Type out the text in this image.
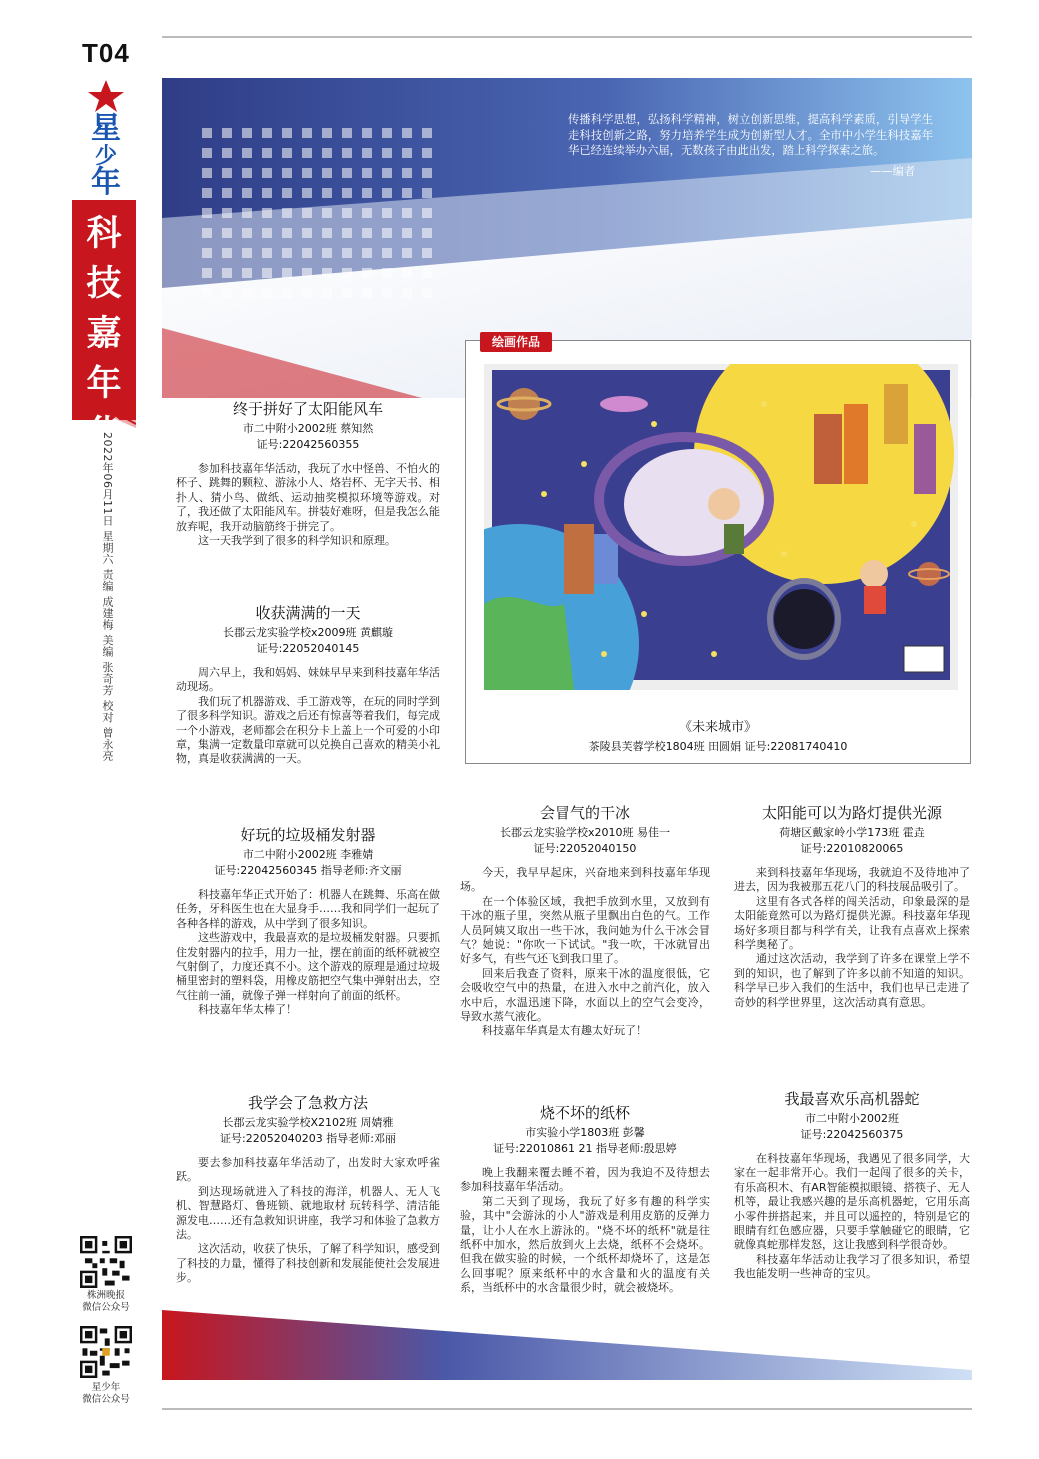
T04
星
少
年
科
技
嘉
年
华
2022年06月11日 星期六 责编 成建梅 美编 张奇芳 校对 曾永亮
传播科学思想，弘扬科学精神，树立创新思维，提高科学素质，引导学生走科技创新之路，努力培养学生成为创新型人才。全市中小学生科技嘉年华已经连续举办六届，无数孩子由此出发，踏上科学探索之旅。
——编者
绘画作品
《未来城市》
茶陵县芙蓉学校1804班 田圆娟 证号:22081740410
终于拼好了太阳能风车
市二中附小2002班 蔡知然
证号:22042560355

参加科技嘉年华活动，我玩了水中怪兽、不怕火的杯子、跳舞的颗粒、游泳小人、烙岩杯、无字天书、相扑人、猜小鸟、做纸、运动抽奖模拟环境等游戏。对了，我还做了太阳能风车。拼装好难呀，但是我怎么能放弃呢，我开动脑筋终于拼完了。

这一天我学到了很多的科学知识和原理。

收获满满的一天
长郡云龙实验学校x2009班 黄麒璇
证号:22052040145

周六早上，我和妈妈、妹妹早早来到科技嘉年华活动现场。

我们玩了机器游戏、手工游戏等，在玩的同时学到了很多科学知识。游戏之后还有惊喜等着我们，每完成一个小游戏，老师都会在积分卡上盖上一个可爱的小印章，集满一定数量印章就可以兑换自己喜欢的精美小礼物，真是收获满满的一天。

好玩的垃圾桶发射器
市二中附小2002班 李雅婧
证号:22042560345 指导老师:齐文丽

科技嘉年华正式开始了：机器人在跳舞、乐高在做任务，牙科医生也在大显身手……我和同学们一起玩了各种各样的游戏，从中学到了很多知识。

这些游戏中，我最喜欢的是垃圾桶发射器。只要抓住发射器内的拉手，用力一扯，摆在前面的纸杯就被空气射倒了，力度还真不小。这个游戏的原理是通过垃圾桶里密封的塑料袋，用橡皮筋把空气集中弹射出去，空气往前一涌，就像子弹一样射向了前面的纸杯。

科技嘉年华太棒了！

我学会了急救方法
长郡云龙实验学校X2102班 周婧雅
证号:22052040203 指导老师:邓丽

要去参加科技嘉年华活动了，出发时大家欢呼雀跃。

到达现场就进入了科技的海洋，机器人、无人飞机、智慧路灯、鲁班锁、就地取材 玩转科学、清洁能源发电……还有急救知识讲座，我学习和体验了急救方法。

这次活动，收获了快乐，了解了科学知识，感受到了科技的力量，懂得了科技创新和发展能使社会发展进步。

会冒气的干冰
长郡云龙实验学校x2010班 易佳一
证号:22052040150

今天，我早早起床，兴奋地来到科技嘉年华现场。

在一个体验区域，我把手放到水里，又放到有干冰的瓶子里，突然从瓶子里飘出白色的气。工作人员阿姨又取出一些干冰，我问她为什么干冰会冒气？她说："你吹一下试试。"我一吹，干冰就冒出好多气，有些气还飞到我口里了。

回来后我查了资料，原来干冰的温度很低，它会吸收空气中的热量，在进入水中之前汽化，放入水中后，水温迅速下降，水面以上的空气会变冷，导致水蒸气液化。

科技嘉年华真是太有趣太好玩了！

烧不坏的纸杯
市实验小学1803班 彭馨
证号:22010861 21 指导老师:殷思婷

晚上我翻来覆去睡不着，因为我迫不及待想去参加科技嘉年华活动。

第二天到了现场，我玩了好多有趣的科学实验，其中"会游泳的小人"游戏是利用皮筋的反弹力量，让小人在水上游泳的。"烧不坏的纸杯"就是往纸杯中加水，然后放到火上去烧，纸杯不会烧坏。但我在做实验的时候，一个纸杯却烧坏了，这是怎么回事呢？原来纸杯中的水含量和火的温度有关系，当纸杯中的水含量很少时，就会被烧坏。

太阳能可以为路灯提供光源
荷塘区戴家岭小学173班 霍垚
证号:22010820065

来到科技嘉年华现场，我就迫不及待地冲了进去，因为我被那五花八门的科技展品吸引了。

这里有各式各样的闯关活动，印象最深的是太阳能竟然可以为路灯提供光源。科技嘉年华现场好多项目都与科学有关，让我有点喜欢上探索科学奥秘了。

通过这次活动，我学到了许多在课堂上学不到的知识，也了解到了许多以前不知道的知识。科学早已步入我们的生活中，我们也早已走进了奇妙的科学世界里，这次活动真有意思。

我最喜欢乐高机器蛇
市二中附小2002班
证号:22042560375

在科技嘉年华现场，我遇见了很多同学，大家在一起非常开心。我们一起闯了很多的关卡，有乐高积木、有AR智能模拟眼镜、搭筷子、无人机等，最让我感兴趣的是乐高机器蛇，它用乐高小零件拼搭起来，并且可以遥控的，特别是它的眼睛有红色感应器，只要手掌触碰它的眼睛，它就像真蛇那样发怒，这让我感到科学很奇妙。

科技嘉年华活动让我学习了很多知识，希望我也能发明一些神奇的宝贝。

株洲晚报
微信公众号
星少年
微信公众号
